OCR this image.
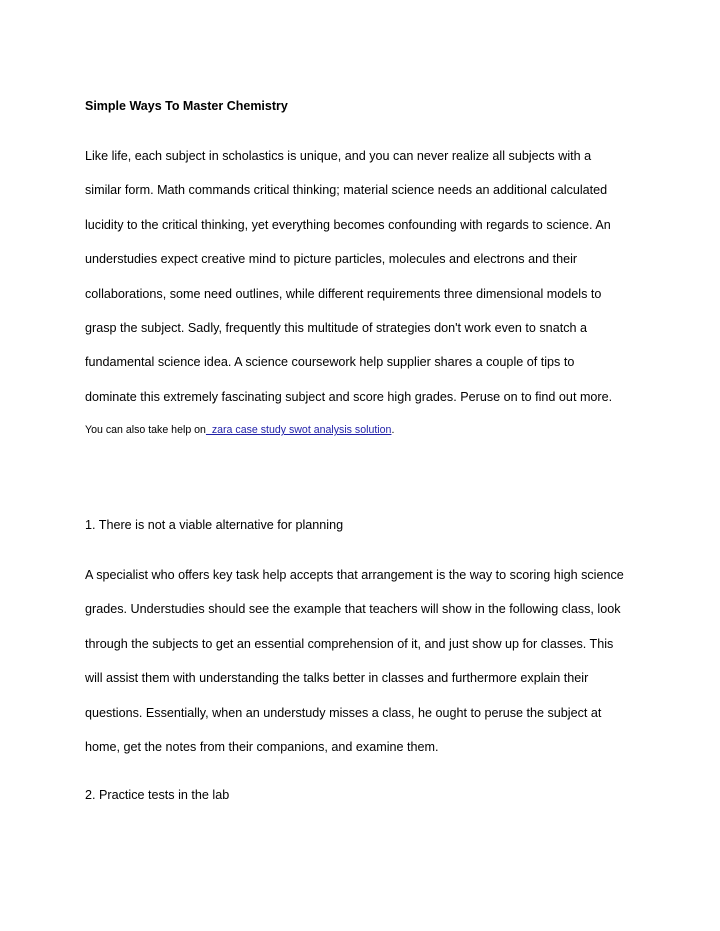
Simple Ways To Master Chemistry

Like life, each subject in scholastics is unique, and you can never realize all subjects with a
similar form. Math commands critical thinking; material science needs an additional calculated
lucidity to the critical thinking, yet everything becomes confounding with regards to science. An
understudies expect creative mind to picture particles, molecules and electrons and their
collaborations, some need outlines, while different requirements three dimensional models to
grasp the subject. Sadly, frequently this multitude of strategies don't work even to snatch a
fundamental science idea. A science coursework help supplier shares a couple of tips to
dominate this extremely fascinating subject and score high grades. Peruse on to find out more.

You can also take help on  zara case study swot analysis solution.

1. There is not a viable alternative for planning

A specialist who offers key task help accepts that arrangement is the way to scoring high science
grades. Understudies should see the example that teachers will show in the following class, look
through the subjects to get an essential comprehension of it, and just show up for classes. This
will assist them with understanding the talks better in classes and furthermore explain their
questions. Essentially, when an understudy misses a class, he ought to peruse the subject at
home, get the notes from their companions, and examine them.

2. Practice tests in the lab
